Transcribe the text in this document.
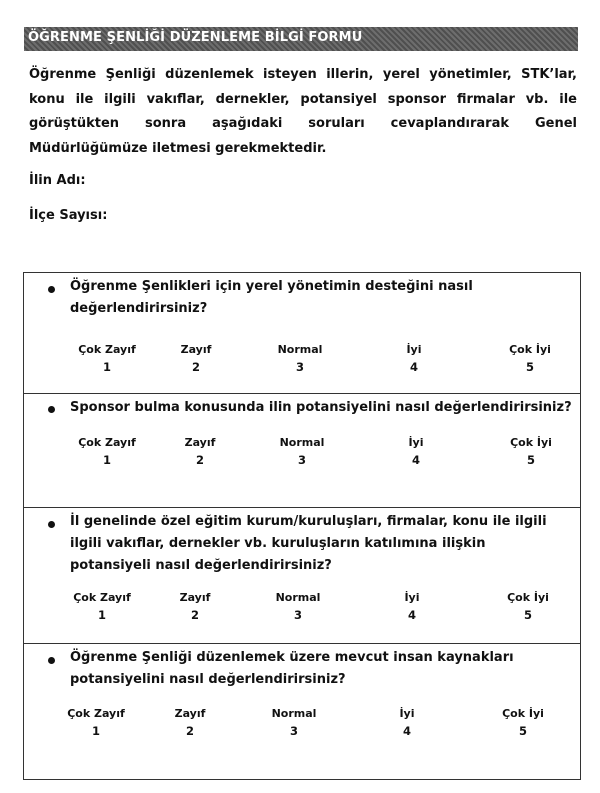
ÖĞRENME ŞENLİĞİ DÜZENLEME BİLGİ FORMU
Öğrenme Şenliği düzenlemek isteyen illerin, yerel yönetimler, STK’lar, konu ile ilgili vakıflar, dernekler, potansiyel sponsor firmalar vb. ile görüştükten sonra aşağıdaki soruları cevaplandırarak Genel Müdürlüğümüze iletmesi gerekmektedir.
İlin Adı:
İlçe Sayısı:
Öğrenme Şenlikleri için yerel yönetimin desteğini nasıl değerlendirirsiniz?
Çok Zayıf	Zayıf	Normal	İyi	Çok İyi
1	2	3	4	5
Sponsor bulma konusunda ilin potansiyelini nasıl değerlendirirsiniz?
Çok Zayıf	Zayıf	Normal	İyi	Çok İyi
1	2	3	4	5
İl genelinde özel eğitim kurum/kuruluşları, firmalar, konu ile ilgili ilgili vakıflar, dernekler vb. kuruluşların katılımına ilişkin potansiyeli nasıl değerlendirirsiniz?
Çok Zayıf	Zayıf	Normal	İyi	Çok İyi
1	2	3	4	5
Öğrenme Şenliği düzenlemek üzere mevcut insan kaynakları potansiyelini nasıl değerlendirirsiniz?
Çok Zayıf	Zayıf	Normal	İyi	Çok İyi
1	2	3	4	5
